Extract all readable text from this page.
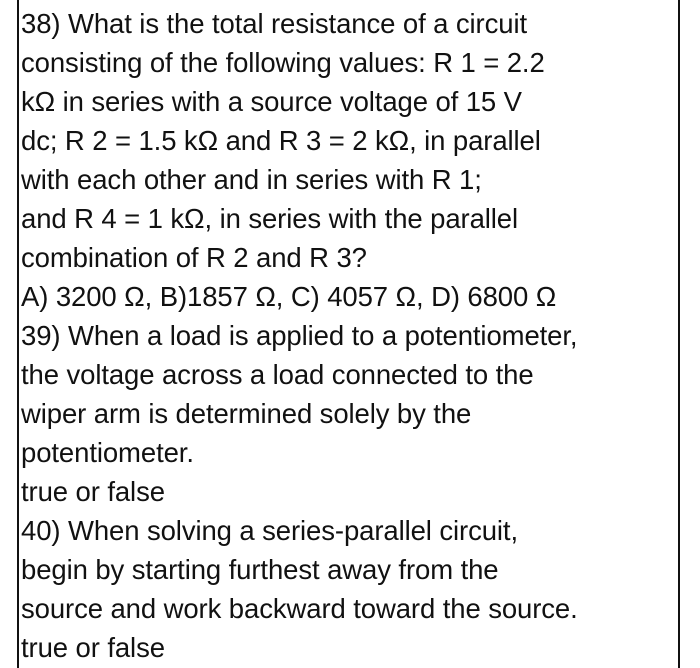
38) What is the total resistance of a circuit
consisting of the following values: R 1 = 2.2
kΩ in series with a source voltage of 15 V
dc; R 2 = 1.5 kΩ and R 3 = 2 kΩ, in parallel
with each other and in series with R 1;
and R 4 = 1 kΩ, in series with the parallel
combination of R 2 and R 3?
A) 3200 Ω, B)1857 Ω, C) 4057 Ω, D) 6800 Ω
39) When a load is applied to a potentiometer,
the voltage across a load connected to the
wiper arm is determined solely by the
potentiometer.
true or false
40) When solving a series-parallel circuit,
begin by starting furthest away from the
source and work backward toward the source.
true or false
